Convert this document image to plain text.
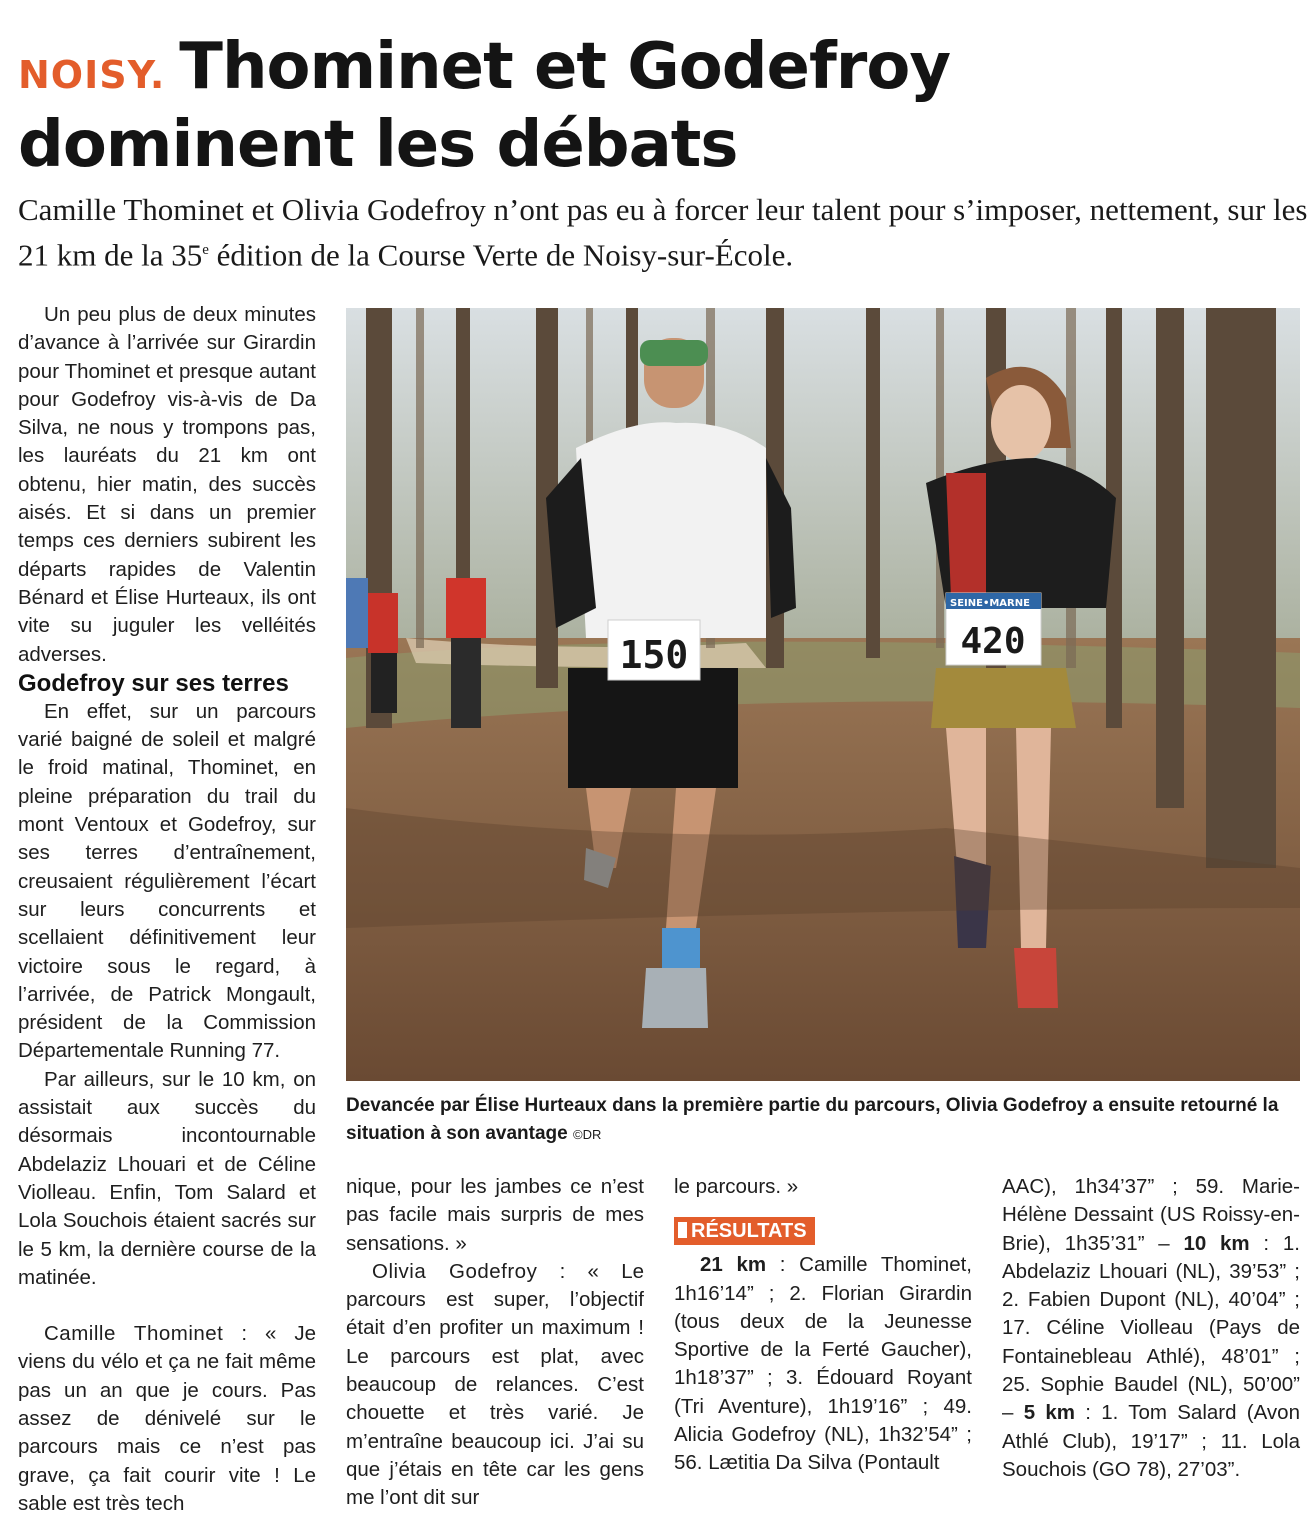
NOISY. Thominet et Godefroy dominent les débats
Camille Thominet et Olivia Godefroy n’ont pas eu à forcer leur talent pour s’imposer, nettement, sur les 21 km de la 35e édition de la Course Verte de Noisy-sur-École.

Un peu plus de deux minutes d’avance à l’arrivée sur Girardin pour Thominet et presque autant pour Godefroy vis-à-vis de Da Silva, ne nous y trompons pas, les lauréats du 21 km ont obtenu, hier matin, des succès aisés. Et si dans un premier temps ces derniers subirent les départs rapides de Valentin Bénard et Élise Hurteaux, ils ont vite su juguler les velléités adverses.

Godefroy sur ses terres

En effet, sur un parcours varié baigné de soleil et malgré le froid matinal, Thominet, en pleine préparation du trail du mont Ventoux et Godefroy, sur ses terres d’entraînement, creusaient régulièrement l’écart sur leurs concurrents et scellaient définitivement leur victoire sous le regard, à l’arrivée, de Patrick Mongault, président de la Commission Départementale Running 77.

Par ailleurs, sur le 10 km, on assistait aux succès du désormais incontournable Abdelaziz Lhouari et de Céline Violleau. Enfin, Tom Salard et Lola Souchois étaient sacrés sur le 5 km, la dernière course de la matinée.

Camille Thominet : « Je viens du vélo et ça ne fait même pas un an que je cours. Pas assez de dénivelé sur le parcours mais ce n’est pas grave, ça fait courir vite ! Le sable est très tech

150
SEINE•MARNE
420
Devancée par Élise Hurteaux dans la première partie du parcours, Olivia Godefroy a ensuite retourné la situation à son avantage ©DR

nique, pour les jambes ce n’est pas facile mais surpris de mes sensations. »

Olivia Godefroy : « Le parcours est super, l’objectif était d’en profiter un maximum ! Le parcours est plat, avec beaucoup de relances. C’est chouette et très varié. Je m’entraîne beaucoup ici. J’ai su que j’étais en tête car les gens me l’ont dit sur

le parcours. »

RÉSULTATS

21 km : Camille Thominet, 1h16’14” ; 2. Florian Girardin (tous deux de la Jeunesse Sportive de la Ferté Gaucher), 1h18’37” ; 3. Édouard Royant (Tri Aventure), 1h19’16” ; 49. Alicia Godefroy (NL), 1h32’54” ; 56. Lætitia Da Silva (Pontault

AAC), 1h34’37” ; 59. Marie-Hélène Dessaint (US Roissy-en-Brie), 1h35’31” – 10 km : 1. Abdelaziz Lhouari (NL), 39’53” ; 2. Fabien Dupont (NL), 40’04” ; 17. Céline Violleau (Pays de Fontainebleau Athlé), 48’01” ; 25. Sophie Baudel (NL), 50’00” – 5 km : 1. Tom Salard (Avon Athlé Club), 19’17” ; 11. Lola Souchois (GO 78), 27’03”.
